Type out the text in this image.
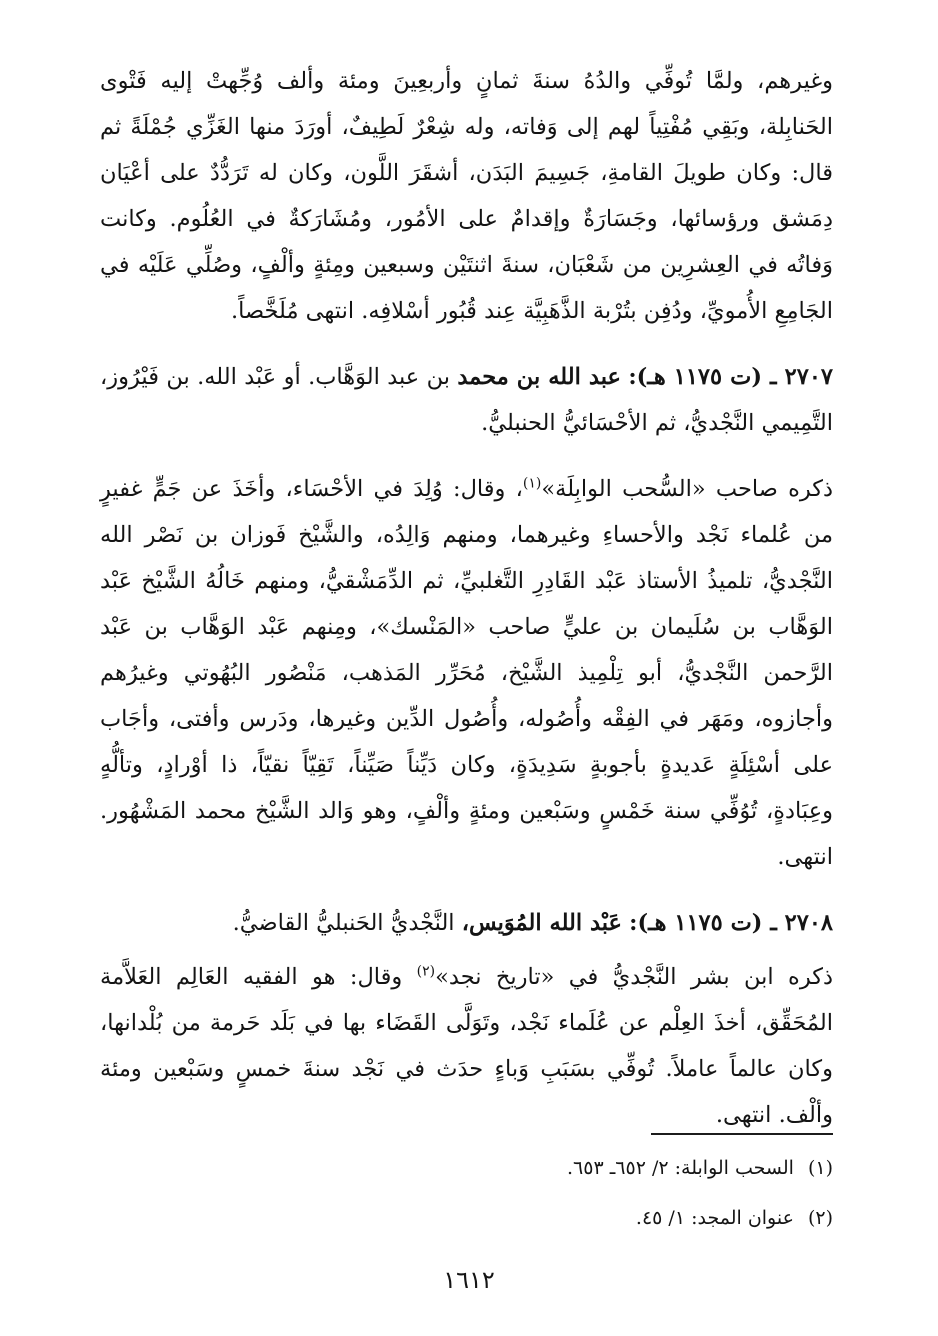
وغيرهم، ولمَّا تُوفِّي والدُهُ سنةَ ثمانٍ وأربعِينَ ومئة وألف وُجِّهتْ إليه فَتْوى الحَنابِلة، وبَقِي مُفْتِياً لهم إلى وَفاته، وله شِعْرٌ لَطِيفٌ، أورَدَ منها الغَزِّي جُمْلَةً ثم قال: وكان طويلَ القامةِ، جَسِيمَ البَدَن، أشقَرَ اللَّون، وكان له تَرَدُّدٌ على أعْيَان دِمَشق ورؤسائها، وجَسَارَةٌ وإقدامٌ على الأمُور، ومُشَارَكةٌ في العُلُوم. وكانت وَفاتُه في العِشرِين من شَعْبَان، سنةَ اثنتَيْن وسبعين ومِئةٍ وألْفٍ، وصُلِّي عَلَيْه في الجَامِعِ الأُمويِّ، ودُفِن بتُرْبة الذَّهَبِيَّة عِند قُبُور أسْلافِه. انتهى مُلَخَّصاً.

٢٧٠٧ ـ (ت ١١٧٥ هـ): عبد الله بن محمد بن عبد الوَهَّاب. أو عَبْد الله. بن فَيْرُوز، التَّمِيمي النَّجْديُّ، ثم الأحْسَائيُّ الحنبليُّ.

ذكره صاحب «السُّحب الوابِلَة»$^{(١)}$، وقال: وُلِدَ في الأحْسَاء، وأخَذَ عن جَمٍّ غفيرٍ من عُلماء نَجْد والأحساءِ وغيرهما، ومنهم وَالِدُه، والشَّيْخ فَوزان بن نَصْر الله النَّجْديُّ، تلميذُ الأستاذ عَبْد القَادِرِ التَّغلبيِّ، ثم الدِّمَشْقيُّ، ومنهم خَالُهُ الشَّيْخ عَبْد الوَهَّاب بن سُلَيمان بن عليٍّ صاحب «المَنْسك»، ومِنهم عَبْد الوَهَّاب بن عَبْد الرَّحمن النَّجْديُّ، أبو تِلْمِيذ الشَّيْخ، مُحَرِّر المَذهب، مَنْصُور البُهُوتي وغيرُهم وأجازوه، ومَهَر في الفِقْه وأُصُوله، وأُصُول الدِّين وغيرها، ودَرس وأفتى، وأجَاب على أسْئِلَةٍ عَديدةٍ بأجوبةٍ سَدِيدَةٍ، وكان دَيِّناً صَيِّناً، تَقِيّاً نقيّاً، ذا أوْرادٍ، وتألُّهٍ وعِبَادةٍ، تُوُفِّي سنة خَمْسٍ وسَبْعين ومئةٍ وألْفٍ، وهو وَالد الشَّيْخ محمد المَشْهُور. انتهى.

٢٧٠٨ ـ (ت ١١٧٥ هـ): عَبْد الله المُوَيس، النَّجْديُّ الحَنبليُّ القاضيُّ.

ذكره ابن بشر النَّجْديُّ في «تاريخ نجد»$^{(٢)}$ وقال: هو الفقيه العَالِم العَلاَّمة المُحَقِّق، أخذَ العِلْم عن عُلَماء نَجْد، وتَوَلَّى القَضَاء بها في بَلَد حَرمة من بُلْدانها، وكان عالماً عاملاً. تُوفِّي بسَبَبِ وَباءٍ حدَث في نَجْد سنةَ خمسٍ وسَبْعين ومئة وألْف. انتهى.

(١)السحب الوابلة: ٢/ ٦٥٢ـ ٦٥٣.

(٢)عنوان المجد: ١/ ٤٥.

١٦١٢
